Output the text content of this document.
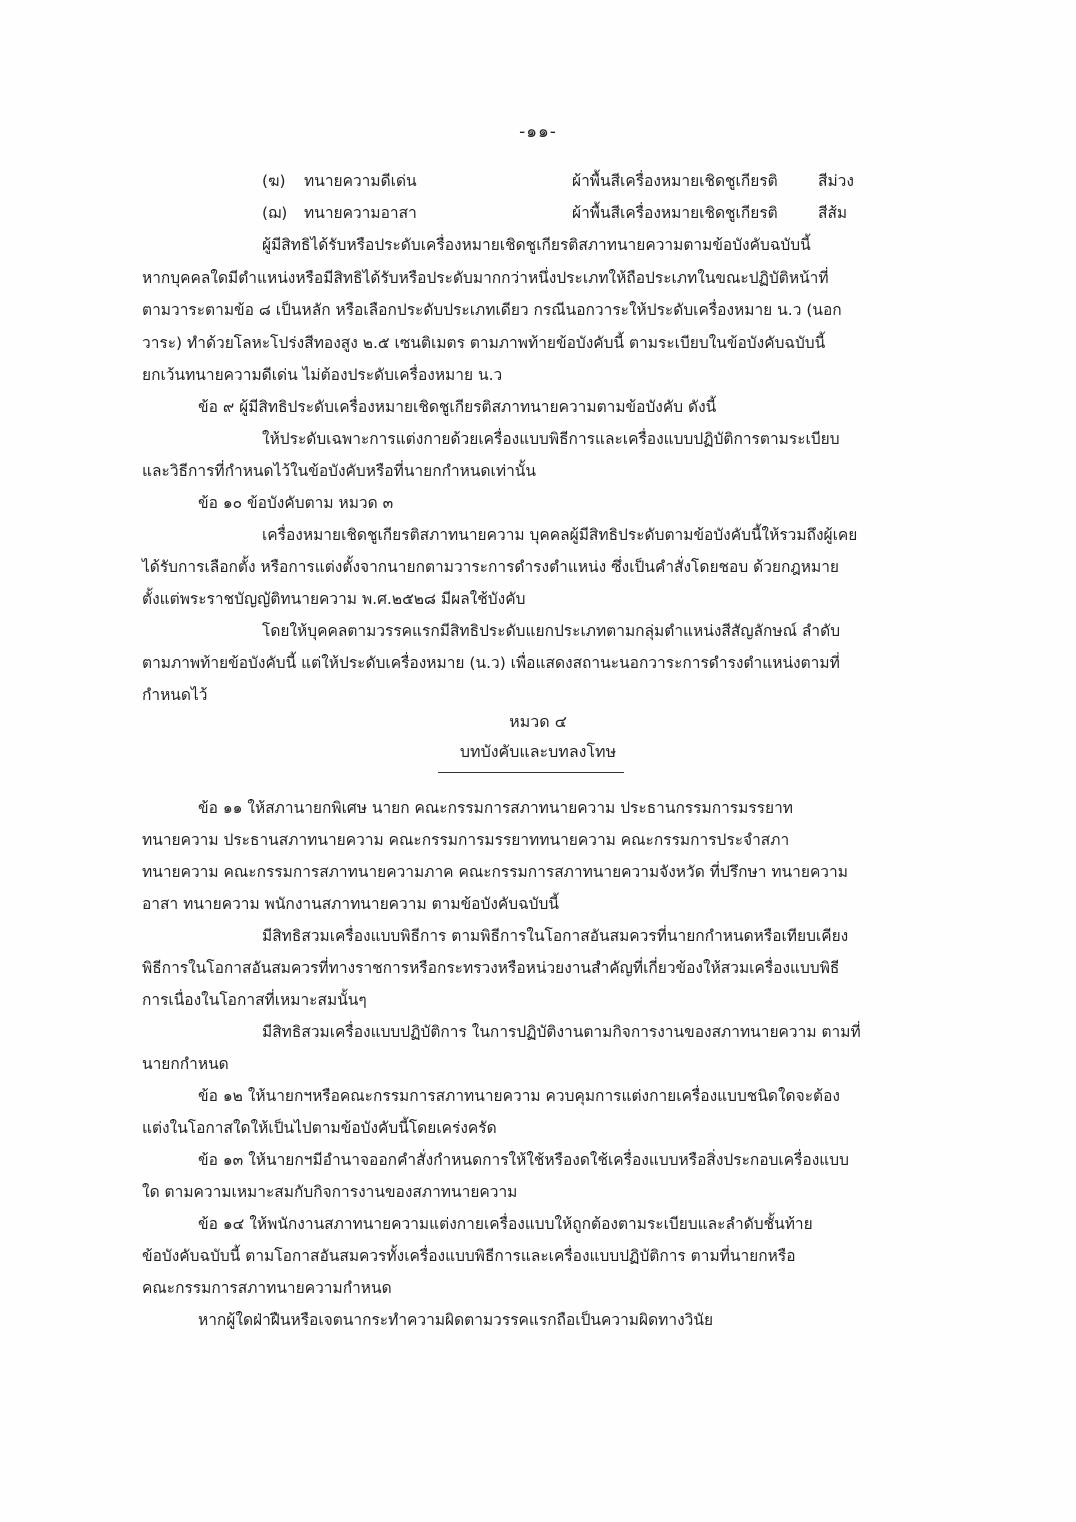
-๑๑-
(ฆ) ทนายความดีเด่น	ผ้าพื้นสีเครื่องหมายเชิดชูเกียรติ	สีม่วง
(ฌ) ทนายความอาสา	ผ้าพื้นสีเครื่องหมายเชิดชูเกียรติ	สีส้ม
ผู้มีสิทธิได้รับหรือประดับเครื่องหมายเชิดชูเกียรติสภาทนายความตามข้อบังคับฉบับนี้
หากบุคคลใดมีตำแหน่งหรือมีสิทธิได้รับหรือประดับมากกว่าหนึ่งประเภทให้ถือประเภทในขณะปฏิบัติหน้าที่
ตามวาระตามข้อ ๘ เป็นหลัก หรือเลือกประดับประเภทเดียว กรณีนอกวาระให้ประดับเครื่องหมาย น.ว (นอก
วาระ) ทำด้วยโลหะโปร่งสีทองสูง ๒.๕ เซนติเมตร ตามภาพท้ายข้อบังคับนี้ ตามระเบียบในข้อบังคับฉบับนี้
ยกเว้นทนายความดีเด่น ไม่ต้องประดับเครื่องหมาย น.ว
ข้อ ๙ ผู้มีสิทธิประดับเครื่องหมายเชิดชูเกียรติสภาทนายความตามข้อบังคับ ดังนี้
ให้ประดับเฉพาะการแต่งกายด้วยเครื่องแบบพิธีการและเครื่องแบบปฏิบัติการตามระเบียบ
และวิธีการที่กำหนดไว้ในข้อบังคับหรือที่นายกกำหนดเท่านั้น
ข้อ ๑๐ ข้อบังคับตาม หมวด ๓
เครื่องหมายเชิดชูเกียรติสภาทนายความ บุคคลผู้มีสิทธิประดับตามข้อบังคับนี้ให้รวมถึงผู้เคย
ได้รับการเลือกตั้ง หรือการแต่งตั้งจากนายกตามวาระการดำรงตำแหน่ง ซึ่งเป็นคำสั่งโดยชอบ ด้วยกฎหมาย
ตั้งแต่พระราชบัญญัติทนายความ พ.ศ.๒๕๒๘ มีผลใช้บังคับ
โดยให้บุคคลตามวรรคแรกมีสิทธิประดับแยกประเภทตามกลุ่มตำแหน่งสีสัญลักษณ์ ลำดับ
ตามภาพท้ายข้อบังคับนี้ แต่ให้ประดับเครื่องหมาย (น.ว) เพื่อแสดงสถานะนอกวาระการดำรงตำแหน่งตามที่
กำหนดไว้
หมวด ๔
บทบังคับและบทลงโทษ
ข้อ ๑๑ ให้สภานายกพิเศษ นายก คณะกรรมการสภาทนายความ ประธานกรรมการมรรยาท
ทนายความ ประธานสภาทนายความ คณะกรรมการมรรยาททนายความ คณะกรรมการประจำสภา
ทนายความ คณะกรรมการสภาทนายความภาค คณะกรรมการสภาทนายความจังหวัด ที่ปรึกษา ทนายความ
อาสา ทนายความ พนักงานสภาทนายความ ตามข้อบังคับฉบับนี้
มีสิทธิสวมเครื่องแบบพิธีการ ตามพิธีการในโอกาสอันสมควรที่นายกกำหนดหรือเทียบเคียง
พิธีการในโอกาสอันสมควรที่ทางราชการหรือกระทรวงหรือหน่วยงานสำคัญที่เกี่ยวข้องให้สวมเครื่องแบบพิธี
การเนื่องในโอกาสที่เหมาะสมนั้นๆ
มีสิทธิสวมเครื่องแบบปฏิบัติการ ในการปฏิบัติงานตามกิจการงานของสภาทนายความ ตามที่
นายกกำหนด
ข้อ ๑๒ ให้นายกฯหรือคณะกรรมการสภาทนายความ ควบคุมการแต่งกายเครื่องแบบชนิดใดจะต้อง
แต่งในโอกาสใดให้เป็นไปตามข้อบังคับนี้โดยเคร่งครัด
ข้อ ๑๓ ให้นายกฯมีอำนาจออกคำสั่งกำหนดการให้ใช้หรืองดใช้เครื่องแบบหรือสิ่งประกอบเครื่องแบบ
ใด ตามความเหมาะสมกับกิจการงานของสภาทนายความ
ข้อ ๑๔ ให้พนักงานสภาทนายความแต่งกายเครื่องแบบให้ถูกต้องตามระเบียบและลำดับชั้นท้าย
ข้อบังคับฉบับนี้ ตามโอกาสอันสมควรทั้งเครื่องแบบพิธีการและเครื่องแบบปฏิบัติการ ตามที่นายกหรือ
คณะกรรมการสภาทนายความกำหนด
หากผู้ใดฝ่าฝืนหรือเจตนากระทำความผิดตามวรรคแรกถือเป็นความผิดทางวินัย
